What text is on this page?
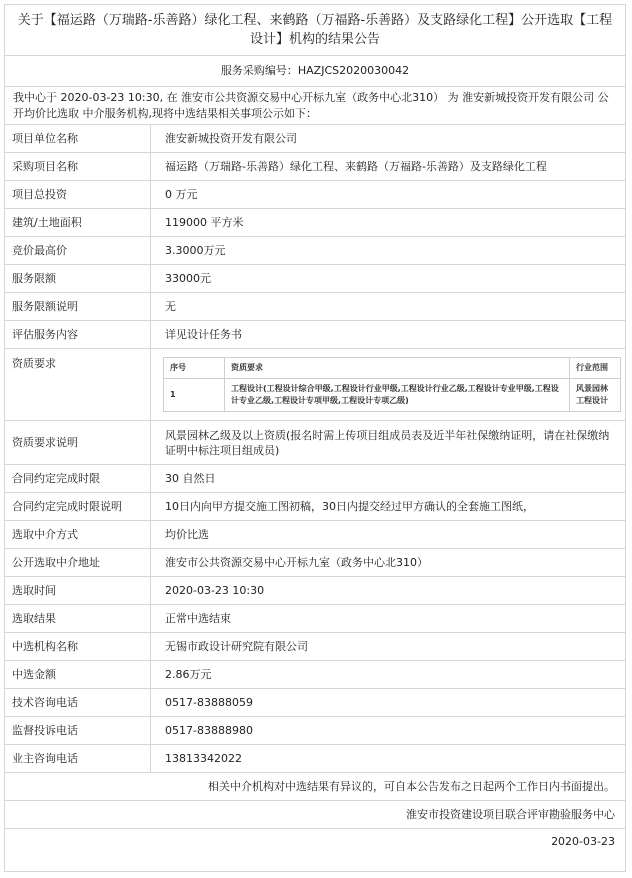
关于【福运路（万瑞路-乐善路）绿化工程、来鹤路（万福路-乐善路）及支路绿化工程】公开选取【工程设计】机构的结果公告
服务采购编号：HAZJCS2020030042
我中心于 2020-03-23 10:30, 在 淮安市公共资源交易中心开标九室（政务中心北310） 为 淮安新城投资开发有限公司 公开均价比选取 中介服务机构,现将中选结果相关事项公示如下：
项目单位名称	淮安新城投资开发有限公司
采购项目名称	福运路（万瑞路-乐善路）绿化工程、来鹤路（万福路-乐善路）及支路绿化工程
项目总投资	0 万元
建筑/土地面积	119000 平方米
竞价最高价	3.3000万元
服务限额	33000元
服务限额说明	无
评估服务内容	详见设计任务书
资质要求		序号	资质要求	行业范围
1	工程设计(工程设计综合甲级,工程设计行业甲级,工程设计行业乙级,工程设计专业甲级,工程设计专业乙级,工程设计专项甲级,工程设计专项乙级)	风景园林工程设计

资质要求说明	风景园林乙级及以上资质(报名时需上传项目组成员表及近半年社保缴纳证明，请在社保缴纳证明中标注项目组成员)
合同约定完成时限	30 自然日
合同约定完成时限说明	10日内向甲方提交施工图初稿，30日内提交经过甲方确认的全套施工图纸，
选取中介方式	均价比选
公开选取中介地址	淮安市公共资源交易中心开标九室（政务中心北310）
选取时间	2020-03-23 10:30
选取结果	正常中选结束
中选机构名称	无锡市政设计研究院有限公司
中选金额	2.86万元
技术咨询电话	0517-83888059
监督投诉电话	0517-83888980
业主咨询电话	13813342022
相关中介机构对中选结果有异议的，可自本公告发布之日起两个工作日内书面提出。
淮安市投资建设项目联合评审勘验服务中心
2020-03-23
